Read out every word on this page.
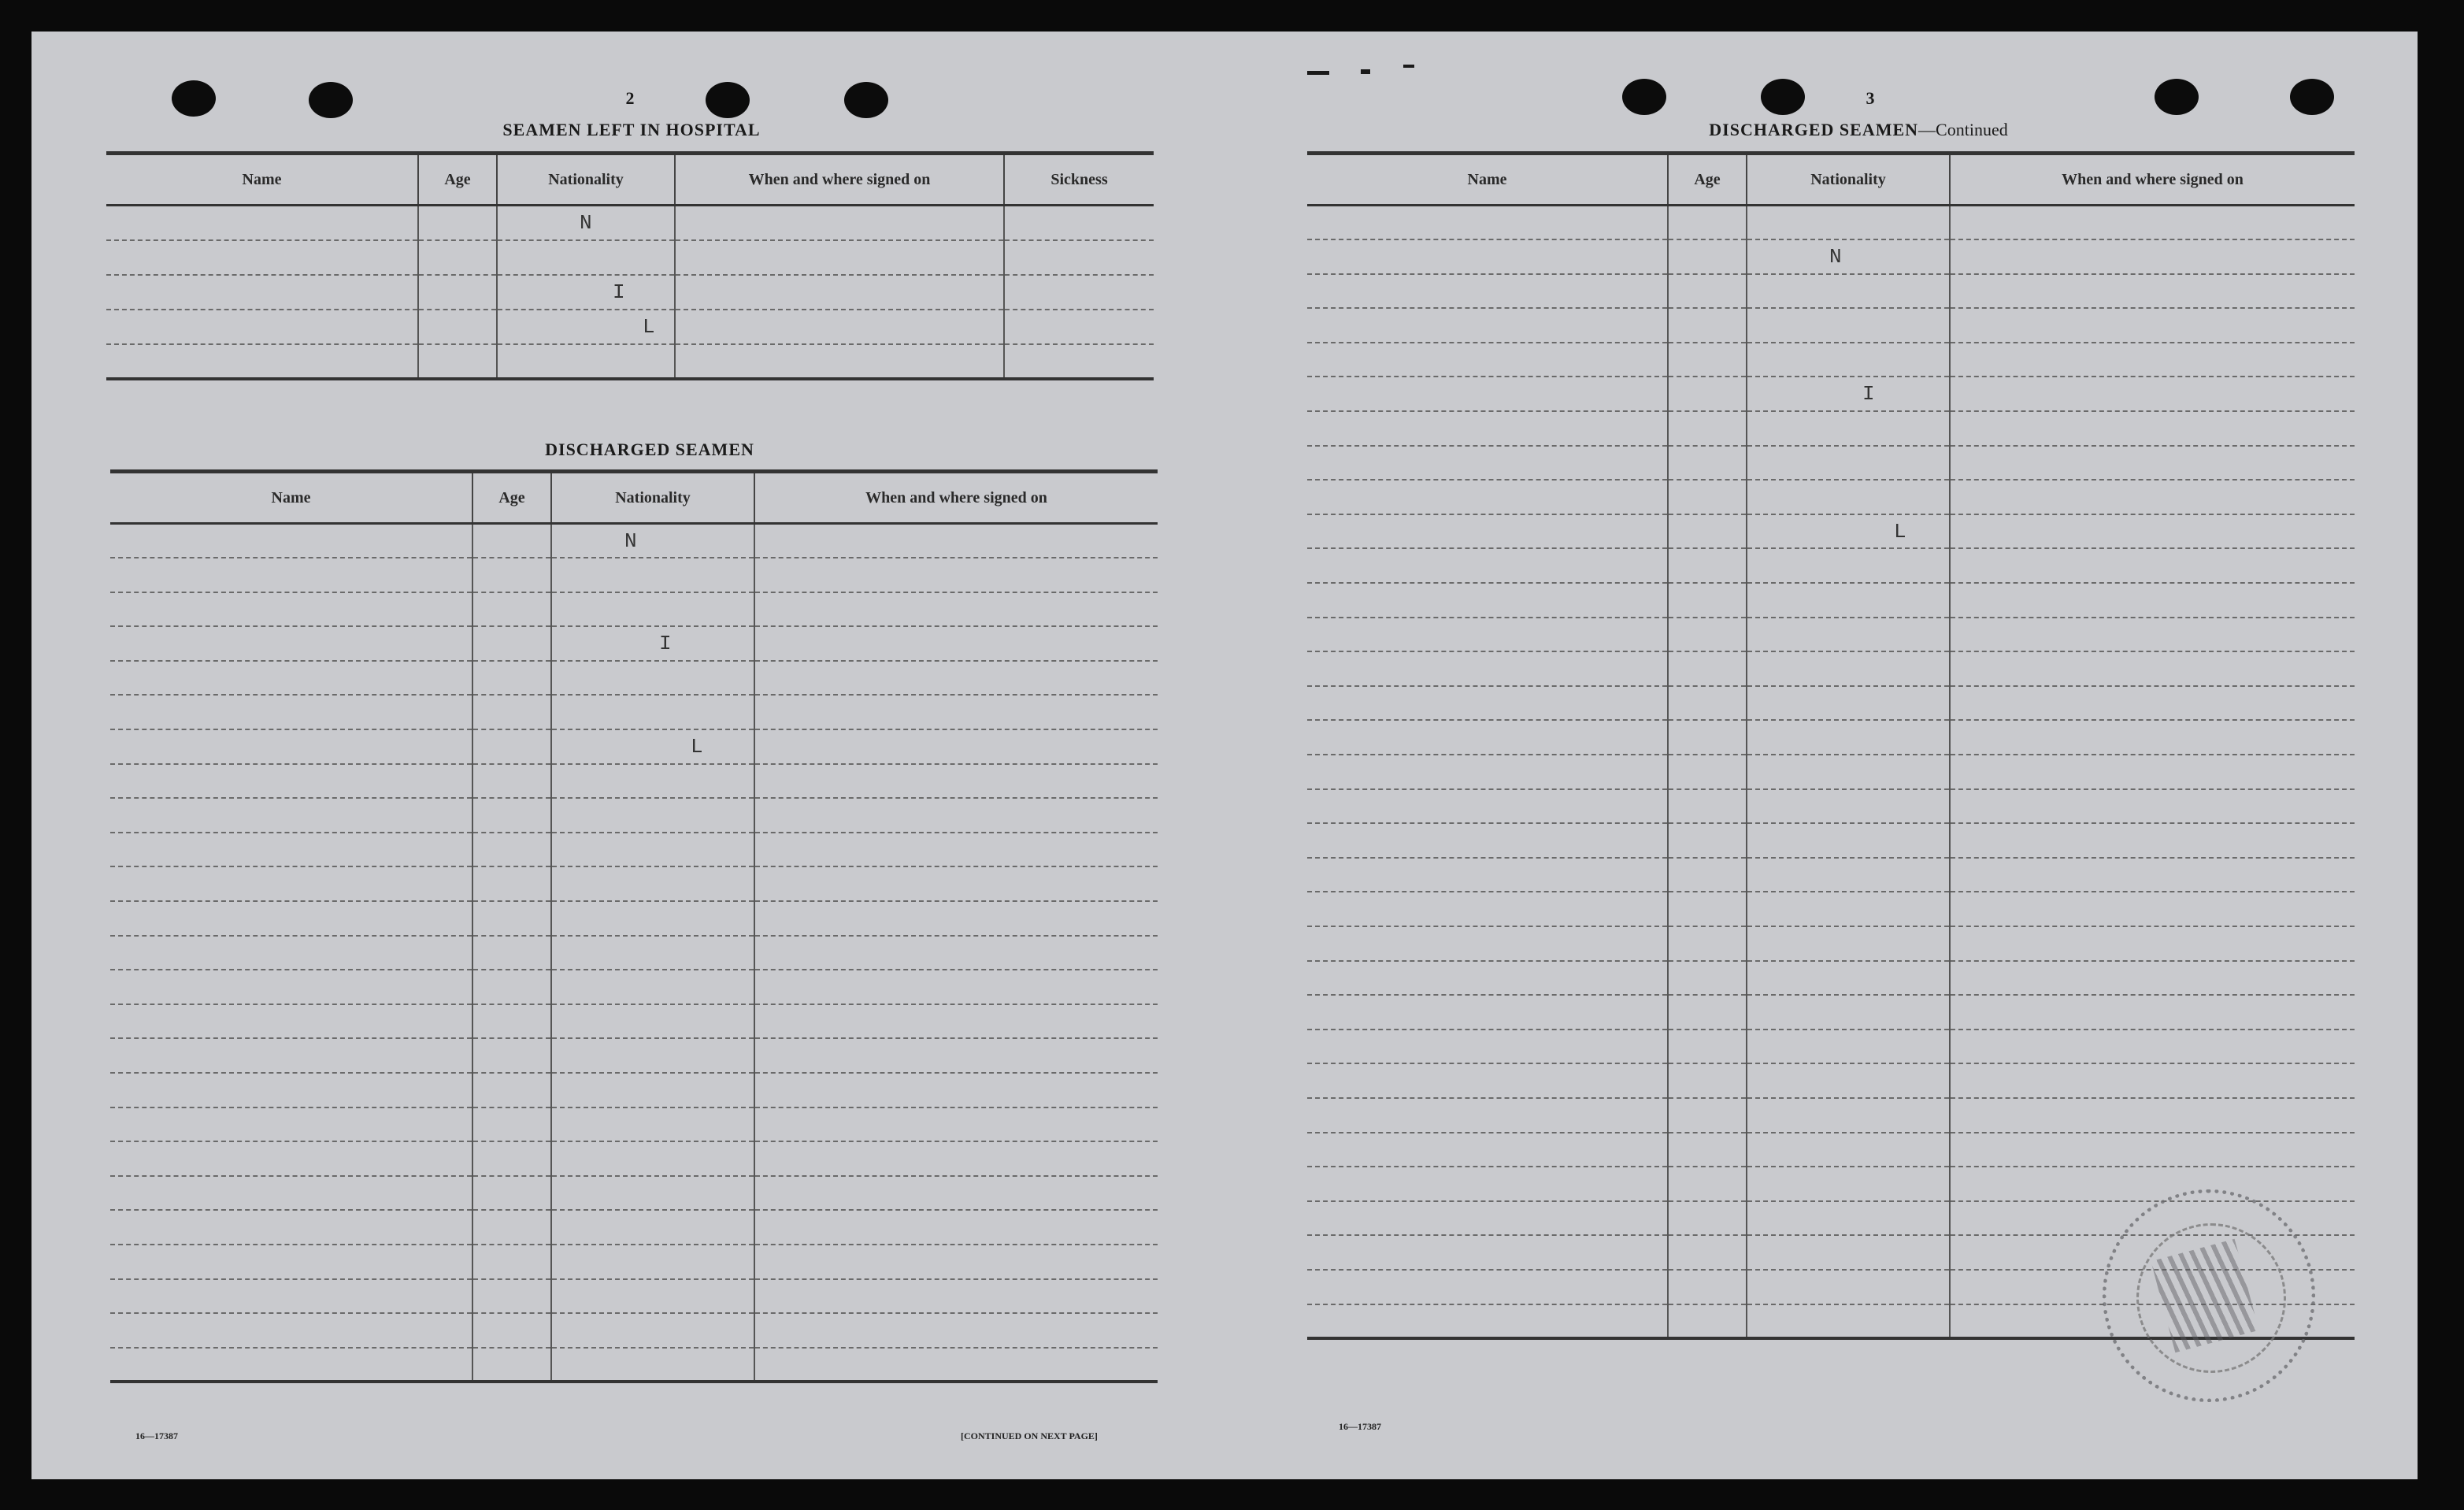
2
SEAMEN LEFT IN HOSPITAL
Name	Age	Nationality	When and where signed on	Sickness

		N		

		I		

		L		

DISCHARGED SEAMEN
Name	Age	Nationality	When and where signed on

		N	

		I	

		L	

16—17387	[CONTINUED ON NEXT PAGE]
3
DISCHARGED SEAMEN—Continued
Name	Age	Nationality	When and where signed on

		N	

		I	

		L	

16—17387
